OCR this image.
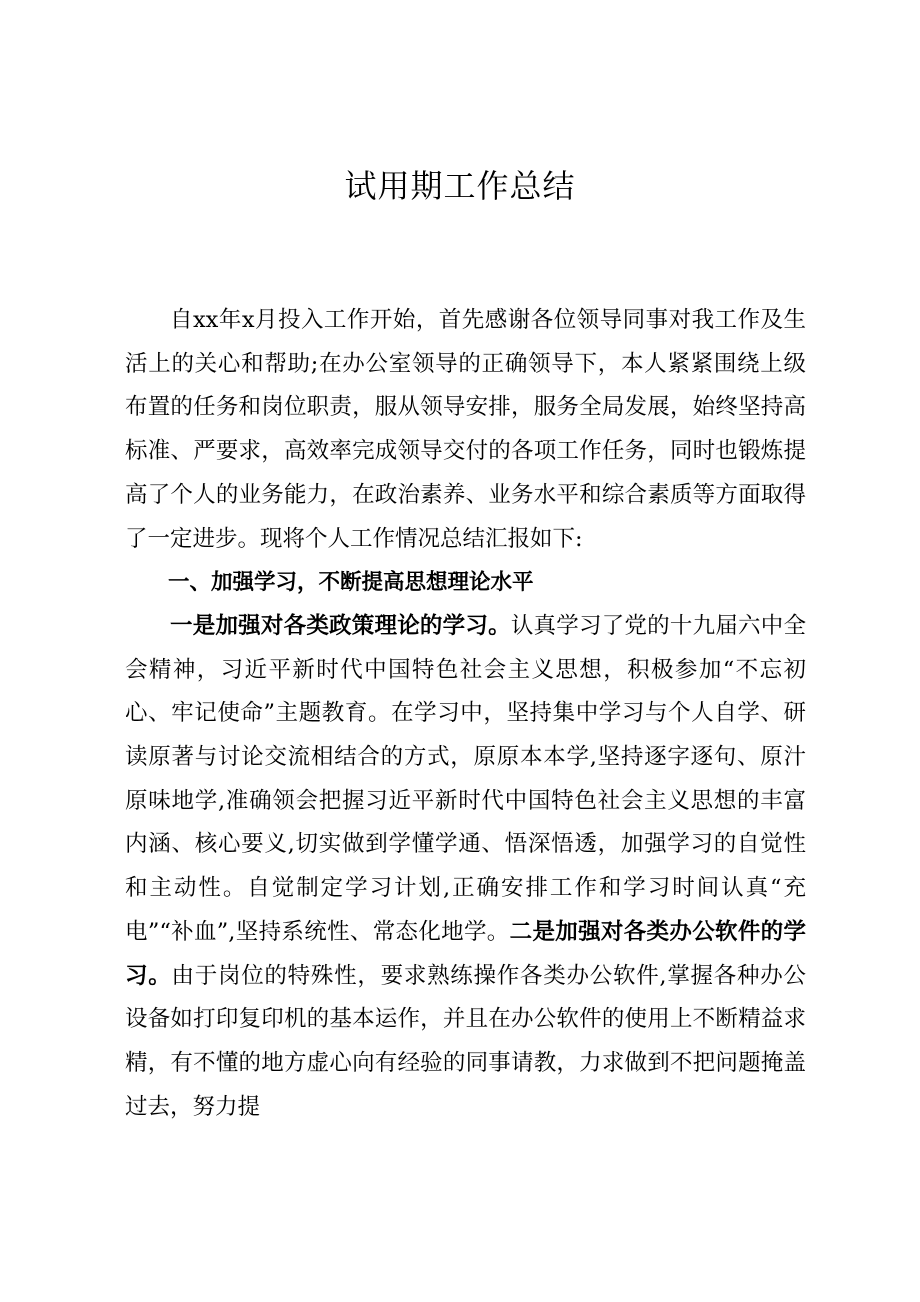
试用期工作总结

自xx年x月投入工作开始，首先感谢各位领导同事对我工作及生活上的关心和帮助;在办公室领导的正确领导下，本人紧紧围绕上级布置的任务和岗位职责，服从领导安排，服务全局发展，始终坚持高标准、严要求，高效率完成领导交付的各项工作任务，同时也锻炼提高了个人的业务能力，在政治素养、业务水平和综合素质等方面取得了一定进步。现将个人工作情况总结汇报如下:

一、加强学习，不断提高思想理论水平

一是加强对各类政策理论的学习。认真学习了党的十九届六中全会精神，习近平新时代中国特色社会主义思想，积极参加“不忘初心、牢记使命”主题教育。在学习中，坚持集中学习与个人自学、研读原著与讨论交流相结合的方式，原原本本学,坚持逐字逐句、原汁原味地学,准确领会把握习近平新时代中国特色社会主义思想的丰富内涵、核心要义,切实做到学懂学通、悟深悟透，加强学习的自觉性和主动性。自觉制定学习计划,正确安排工作和学习时间认真“充电”“补血”,坚持系统性、常态化地学。二是加强对各类办公软件的学习。由于岗位的特殊性，要求熟练操作各类办公软件,掌握各种办公设备如打印复印机的基本运作，并且在办公软件的使用上不断精益求精，有不懂的地方虚心向有经验的同事请教，力求做到不把问题掩盖过去，努力提
